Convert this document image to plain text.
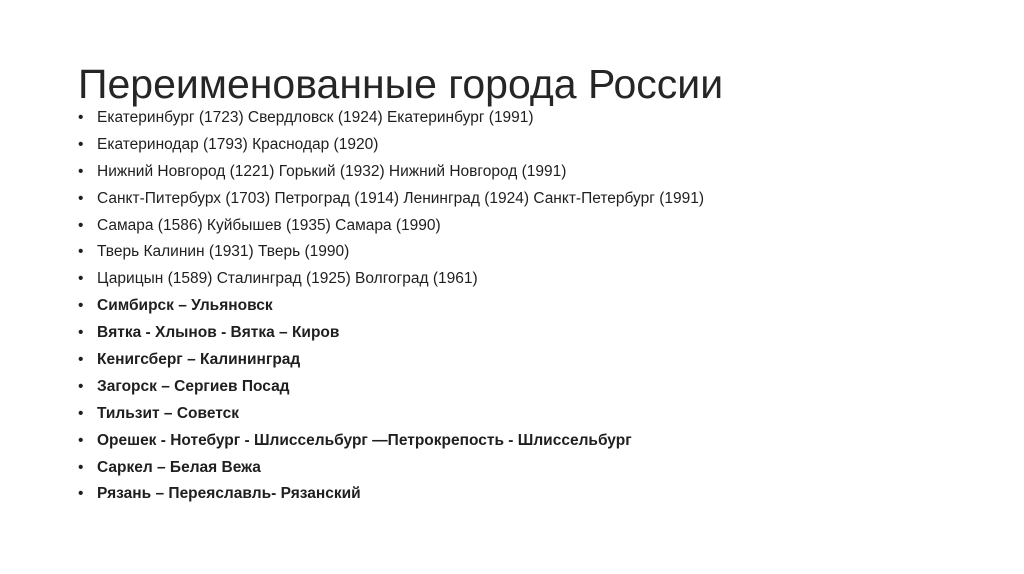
Переименованные города России
• Екатеринбург (1723) Свердловск (1924) Екатеринбург (1991)
• Екатеринодар (1793) Краснодар (1920)
• Нижний Новгород (1221) Горький (1932) Нижний Новгород (1991)
• Санкт-Питербурх (1703) Петроград (1914) Ленинград (1924) Санкт-Петербург (1991)
• Самара (1586) Куйбышев (1935) Самара (1990)
• Тверь Калинин (1931) Тверь (1990)
• Царицын (1589) Сталинград (1925) Волгоград (1961)
• Симбирск – Ульяновск
• Вятка - Хлынов - Вятка – Киров
• Кенигсберг – Калининград
• Загорск – Сергиев Посад
• Тильзит – Советск
• Орешек - Нотебург - Шлиссельбург —Петрокрепость - Шлиссельбург
• Саркел – Белая Вежа
• Рязань – Переяславль- Рязанский
